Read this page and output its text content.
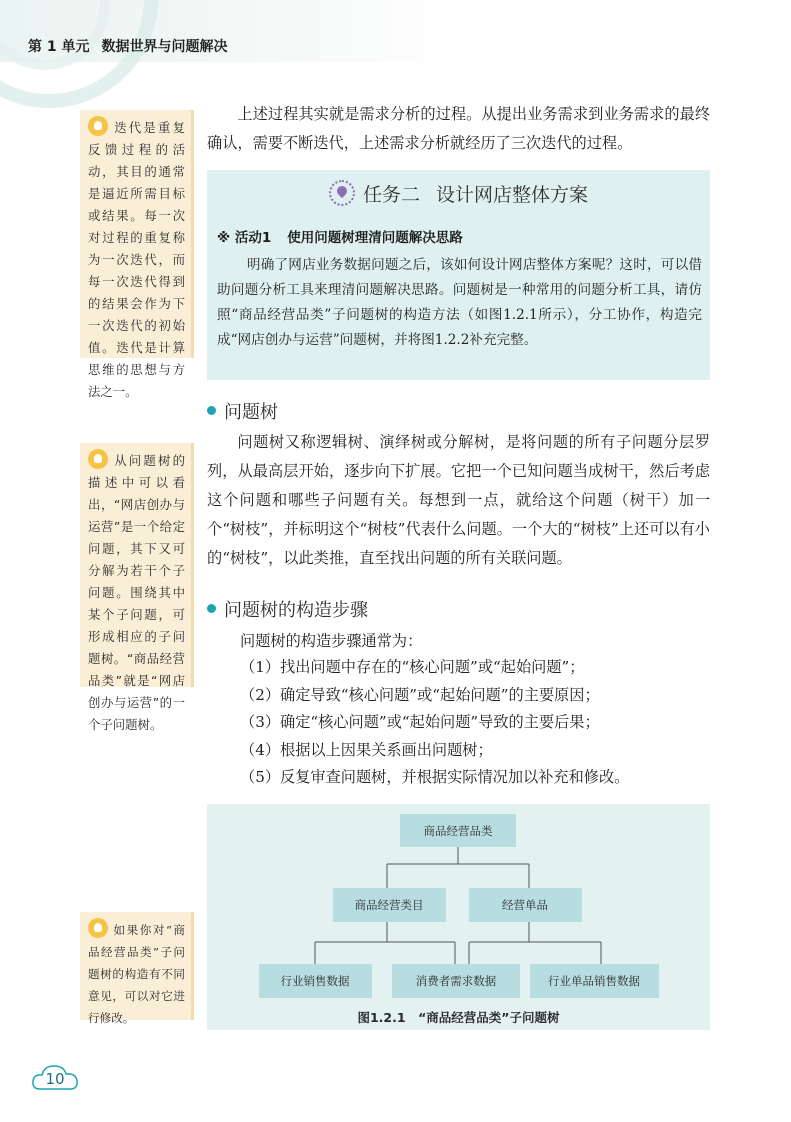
第 1 单元 数据世界与问题解决
迭代是重复反馈过程的活动，其目的通常是逼近所需目标或结果。每一次对过程的重复称为一次迭代，而每一次迭代得到的结果会作为下一次迭代的初始值。迭代是计算思维的思想与方法之一。
从问题树的描述中可以看出，“网店创办与运营”是一个给定问题，其下又可分解为若干个子问题。围绕其中某个子问题，可形成相应的子问题树。“商品经营品类”就是“网店创办与运营”的一个子问题树。
如果你对“商品经营品类”子问题树的构造有不同意见，可以对它进行修改。

上述过程其实就是需求分析的过程。从提出业务需求到业务需求的最终确认，需要不断迭代，上述需求分析就经历了三次迭代的过程。

任务二 设计网店整体方案
※ 活动1 使用问题树理清问题解决思路

明确了网店业务数据问题之后，该如何设计网店整体方案呢？这时，可以借助问题分析工具来理清问题解决思路。问题树是一种常用的问题分析工具，请仿照“商品经营品类”子问题树的构造方法（如图1.2.1所示），分工协作，构造完成“网店创办与运营”问题树，并将图1.2.2补充完整。

问题树

问题树又称逻辑树、演绎树或分解树，是将问题的所有子问题分层罗列，从最高层开始，逐步向下扩展。它把一个已知问题当成树干，然后考虑这个问题和哪些子问题有关。每想到一点，就给这个问题（树干）加一个“树枝”，并标明这个“树枝”代表什么问题。一个大的“树枝”上还可以有小的“树枝”，以此类推，直至找出问题的所有关联问题。

问题树的构造步骤

问题树的构造步骤通常为：

（1）找出问题中存在的“核心问题”或“起始问题”；
（2）确定导致“核心问题”或“起始问题”的主要原因；
（3）确定“核心问题”或“起始问题”导致的主要后果；
（4）根据以上因果关系画出问题树；
（5）反复审查问题树，并根据实际情况加以补充和修改。
商品经营品类
商品经营类目	经营单品
行业销售数据	消费者需求数据	行业单品销售数据
图1.2.1　“商品经营品类”子问题树
10
